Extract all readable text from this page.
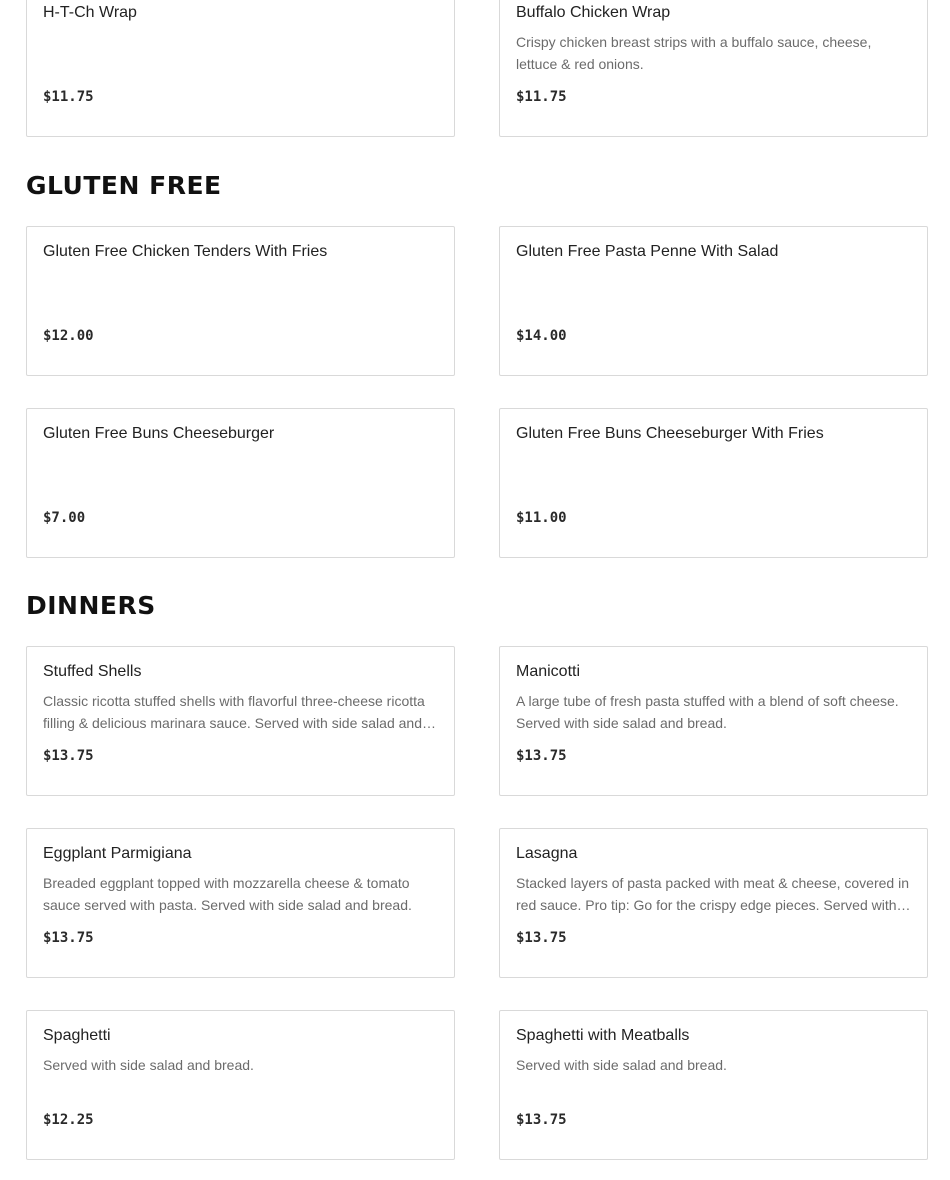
H-T-Ch Wrap
$11.75
Buffalo Chicken Wrap
Crispy chicken breast strips with a buffalo sauce, cheese, lettuce & red onions.
$11.75
GLUTEN FREE
Gluten Free Chicken Tenders With Fries
$12.00
Gluten Free Pasta Penne With Salad
$14.00
Gluten Free Buns Cheeseburger
$7.00
Gluten Free Buns Cheeseburger With Fries
$11.00
DINNERS
Stuffed Shells
Classic ricotta stuffed shells with flavorful three-cheese ricotta filling & delicious marinara sauce. Served with side salad and
$13.75
Manicotti
A large tube of fresh pasta stuffed with a blend of soft cheese. Served with side salad and bread.
$13.75
Eggplant Parmigiana
Breaded eggplant topped with mozzarella cheese & tomato sauce served with pasta. Served with side salad and bread.
$13.75
Lasagna
Stacked layers of pasta packed with meat & cheese, covered in red sauce. Pro tip: Go for the crispy edge pieces. Served with
$13.75
Spaghetti
Served with side salad and bread.
$12.25
Spaghetti with Meatballs
Served with side salad and bread.
$13.75
